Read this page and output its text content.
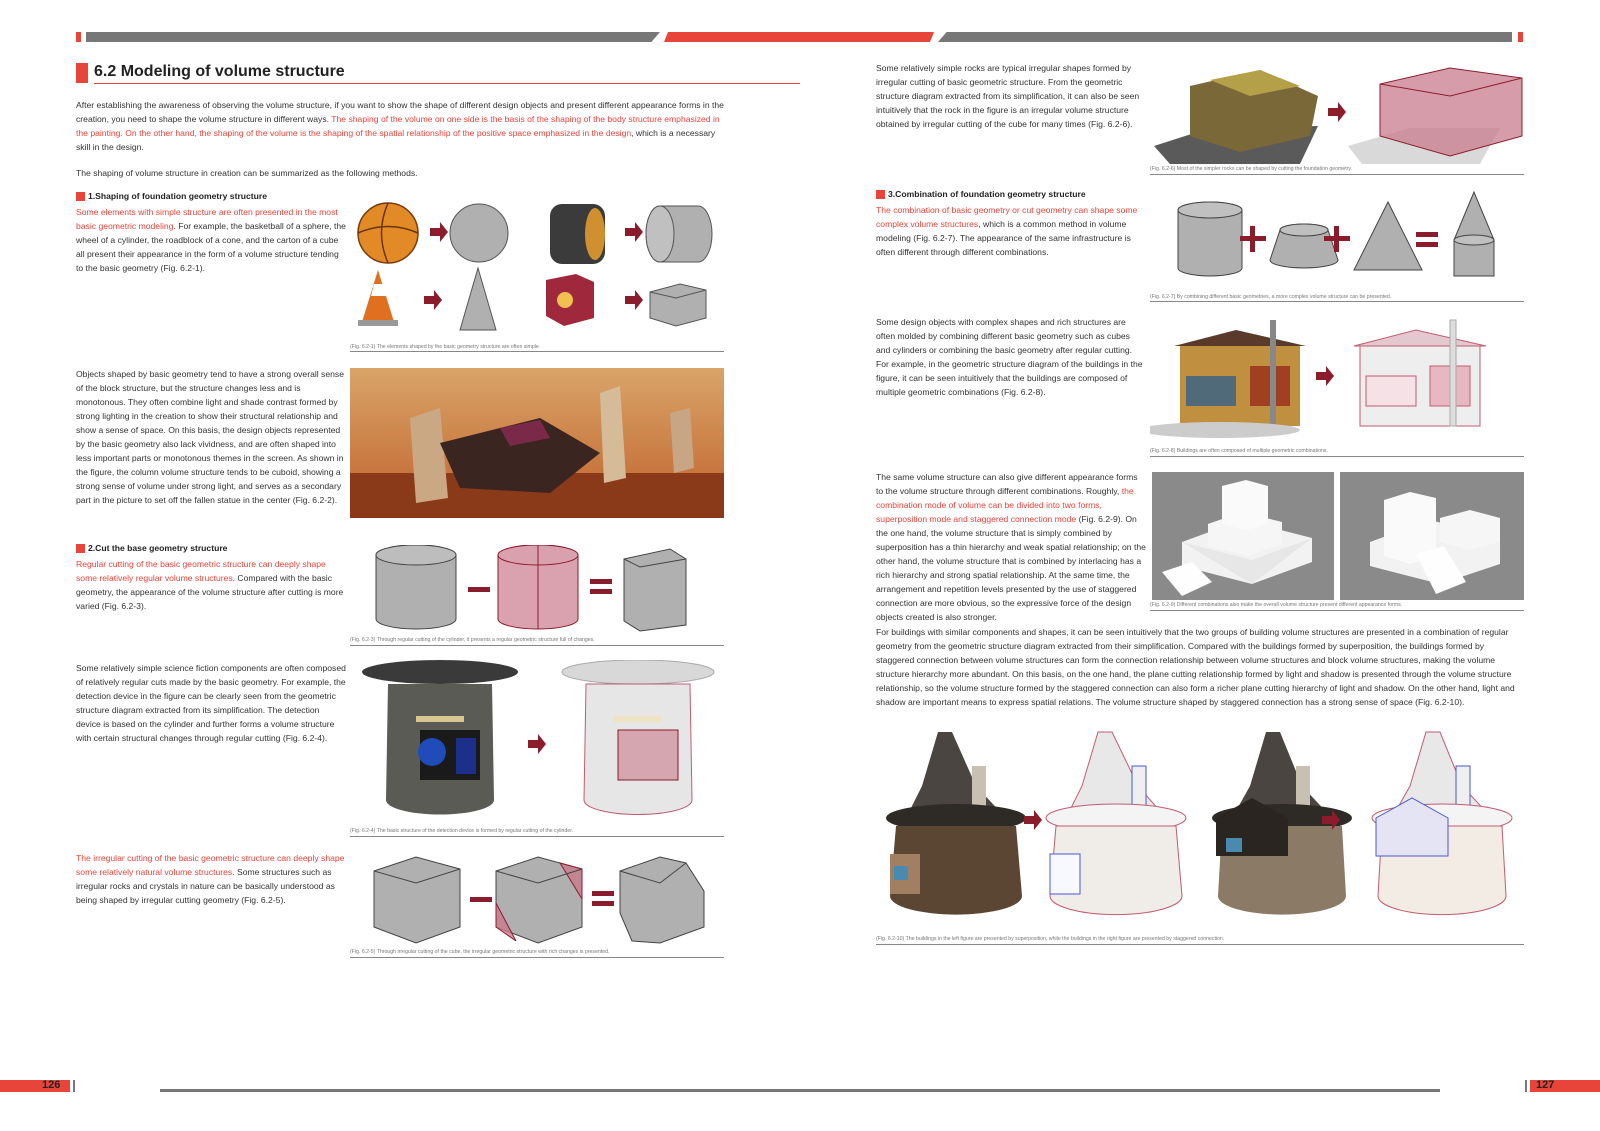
6.2 Modeling of volume structure

After establishing the awareness of observing the volume structure, if you want to show the shape of different design objects and present different appearance forms in the creation, you need to shape the volume structure in different ways. The shaping of the volume on one side is the basis of the shaping of the body structure emphasized in the painting. On the other hand, the shaping of the volume is the shaping of the spatial relationship of the positive space emphasized in the design, which is a necessary skill in the design.

The shaping of volume structure in creation can be summarized as the following methods.

1.Shaping of foundation geometry structure

Some elements with simple structure are often presented in the most basic geometric modeling. For example, the basketball of a sphere, the wheel of a cylinder, the roadblock of a cone, and the carton of a cube all present their appearance in the form of a volume structure tending to the basic geometry (Fig. 6.2-1).

(Fig. 6.2-1) The elements shaped by the basic geometry structure are often simple.

Objects shaped by basic geometry tend to have a strong overall sense of the block structure, but the structure changes less and is monotonous. They often combine light and shade contrast formed by strong lighting in the creation to show their structural relationship and show a sense of space. On this basis, the design objects represented by the basic geometry also lack vividness, and are often shaped into less important parts or monotonous themes in the screen. As shown in the figure, the column volume structure tends to be cuboid, showing a strong sense of volume under strong light, and serves as a secondary part in the picture to set off the fallen statue in the center (Fig. 6.2-2).

2.Cut the base geometry structure

Regular cutting of the basic geometric structure can deeply shape some relatively regular volume structures. Compared with the basic geometry, the appearance of the volume structure after cutting is more varied (Fig. 6.2-3).

(Fig. 6.2-3) Through regular cutting of the cylinder, it presents a regular geometric structure full of changes.

Some relatively simple science fiction components are often composed of relatively regular cuts made by the basic geometry. For example, the detection device in the figure can be clearly seen from the geometric structure diagram extracted from its simplification. The detection device is based on the cylinder and further forms a volume structure with certain structural changes through regular cutting (Fig. 6.2-4).

(Fig. 6.2-4) The basic structure of the detection device is formed by regular cutting of the cylinder.

The irregular cutting of the basic geometric structure can deeply shape some relatively natural volume structures. Some structures such as irregular rocks and crystals in nature can be basically understood as being shaped by irregular cutting geometry (Fig. 6.2-5).

(Fig. 6.2-5) Through irregular cutting of the cube, the irregular geometric structure with rich changes is presented.

Some relatively simple rocks are typical irregular shapes formed by irregular cutting of basic geometric structure. From the geometric structure diagram extracted from its simplification, it can also be seen intuitively that the rock in the figure is an irregular volume structure obtained by irregular cutting of the cube for many times (Fig. 6.2-6).

(Fig. 6.2-6) Most of the simpler rocks can be shaped by cutting the foundation geometry.
3.Combination of foundation geometry structure

The combination of basic geometry or cut geometry can shape some complex volume structures, which is a common method in volume modeling (Fig. 6.2-7). The appearance of the same infrastructure is often different through different combinations.

(Fig. 6.2-7) By combining different basic geometries, a more complex volume structure can be presented.

Some design objects with complex shapes and rich structures are often molded by combining different basic geometry such as cubes and cylinders or combining the basic geometry after regular cutting. For example, in the geometric structure diagram of the buildings in the figure, it can be seen intuitively that the buildings are composed of multiple geometric combinations (Fig. 6.2-8).

(Fig. 6.2-8) Buildings are often composed of multiple geometric combinations.

The same volume structure can also give different appearance forms to the volume structure through different combinations. Roughly, the combination mode of volume can be divided into two forms, superposition mode and staggered connection mode (Fig. 6.2-9). On the one hand, the volume structure that is simply combined by superposition has a thin hierarchy and weak spatial relationship; on the other hand, the volume structure that is combined by interlacing has a rich hierarchy and strong spatial relationship. At the same time, the arrangement and repetition levels presented by the use of staggered connection are more obvious, so the expressive force of the design objects created is also stronger.

(Fig. 6.2-9) Different combinations also make the overall volume structure present different appearance forms.

For buildings with similar components and shapes, it can be seen intuitively that the two groups of building volume structures are presented in a combination of regular geometry from the geometric structure diagram extracted from their simplification. Compared with the buildings formed by superposition, the buildings formed by staggered connection between volume structures can form the connection relationship between volume structures and block volume structures, making the volume structure hierarchy more abundant. On this basis, on the one hand, the plane cutting relationship formed by light and shadow is presented through the volume structure relationship, so the volume structure formed by the staggered connection can also form a richer plane cutting hierarchy of light and shadow. On the other hand, light and shadow are important means to express spatial relations. The volume structure shaped by staggered connection has a strong sense of space (Fig. 6.2-10).

(Fig. 6.2-10) The buildings in the left figure are presented by superposition, while the buildings in the right figure are presented by staggered connection.
126	127
